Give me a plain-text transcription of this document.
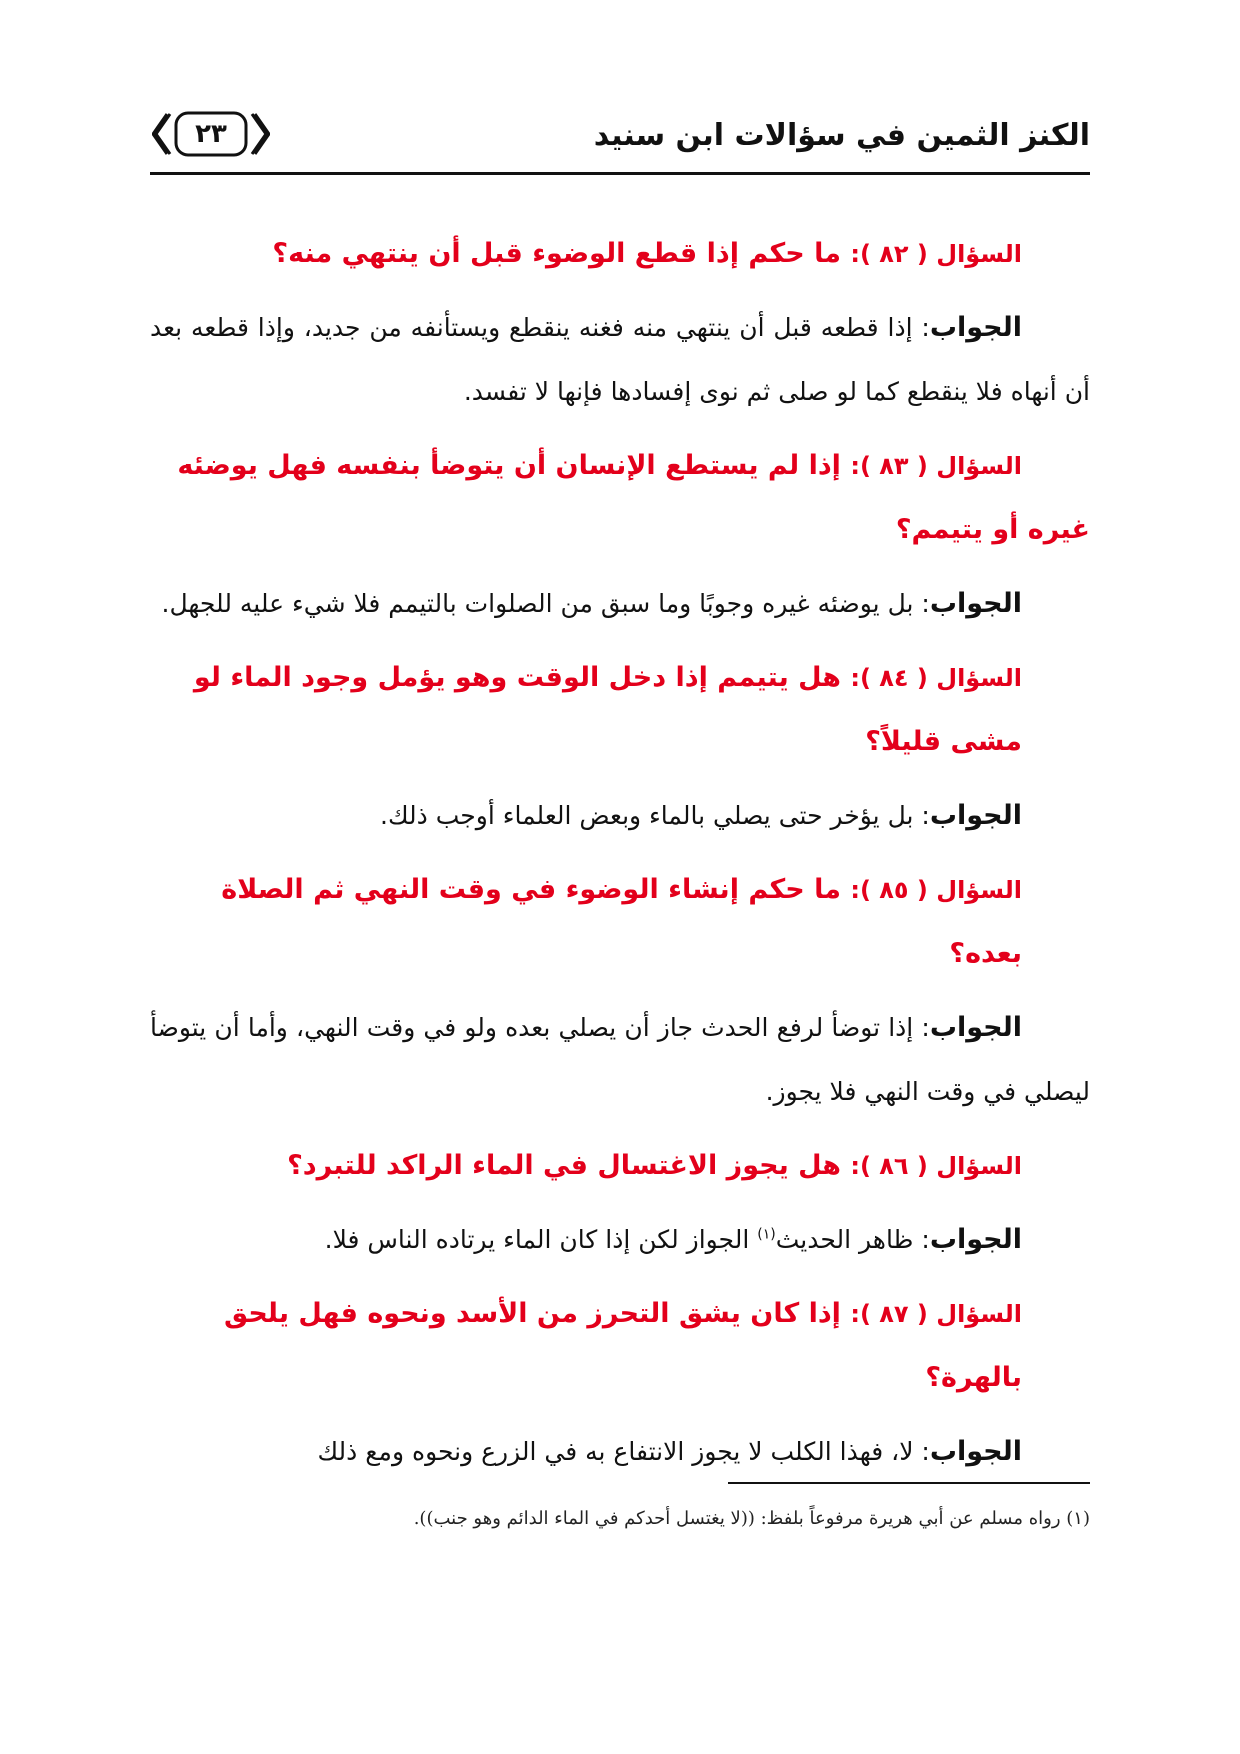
الكنز الثمين في سؤالات ابن سنيد
٢٣

السؤال ( ٨٢ ): ما حكم إذا قطع الوضوء قبل أن ينتهي منه؟

الجواب: إذا قطعه قبل أن ينتهي منه فغنه ينقطع ويستأنفه من جديد، وإذا قطعه بعد أن أنهاه فلا ينقطع كما لو صلى ثم نوى إفسادها فإنها لا تفسد.

السؤال ( ٨٣ ): إذا لم يستطع الإنسان أن يتوضأ بنفسه فهل يوضئه غيره أو يتيمم؟

الجواب: بل يوضئه غيره وجوبًا وما سبق من الصلوات بالتيمم فلا شيء عليه للجهل.

السؤال ( ٨٤ ): هل يتيمم إذا دخل الوقت وهو يؤمل وجود الماء لو مشى قليلاً؟

الجواب: بل يؤخر حتى يصلي بالماء وبعض العلماء أوجب ذلك.

السؤال ( ٨٥ ): ما حكم إنشاء الوضوء في وقت النهي ثم الصلاة بعده؟

الجواب: إذا توضأ لرفع الحدث جاز أن يصلي بعده ولو في وقت النهي، وأما أن يتوضأ ليصلي في وقت النهي فلا يجوز.

السؤال ( ٨٦ ): هل يجوز الاغتسال في الماء الراكد للتبرد؟

الجواب: ظاهر الحديث$^{(١)}$ الجواز لكن إذا كان الماء يرتاده الناس فلا.

السؤال ( ٨٧ ): إذا كان يشق التحرز من الأسد ونحوه فهل يلحق بالهرة؟

الجواب: لا، فهذا الكلب لا يجوز الانتفاع به في الزرع ونحوه ومع ذلك

(١) رواه مسلم عن أبي هريرة مرفوعاً بلفظ: ((لا يغتسل أحدكم في الماء الدائم وهو جنب)).
